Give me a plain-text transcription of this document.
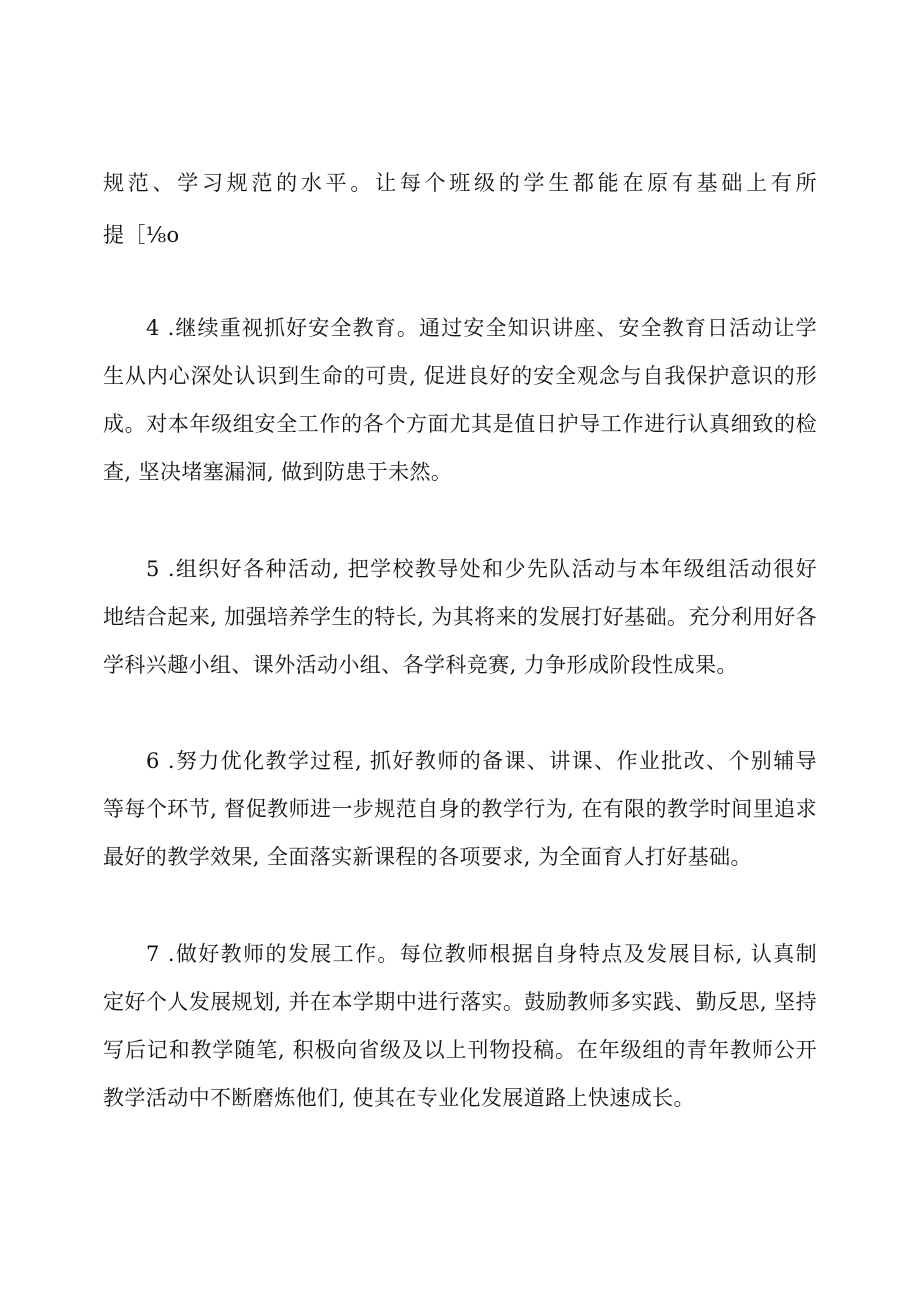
规范、学习规范的水平。让每个班级的学生都能在原有基础上有所
提［⅛o
4 .继续重视抓好安全教育。通过安全知识讲座、安全教育日活动让学
生从内心深处认识到生命的可贵, 促进良好的安全观念与自我保护意识的形
成。对本年级组安全工作的各个方面尤其是值日护导工作进行认真细致的检
查, 坚决堵塞漏洞, 做到防患于未然。
5 .组织好各种活动, 把学校教导处和少先队活动与本年级组活动很好
地结合起来, 加强培养学生的特长, 为其将来的发展打好基础。充分利用好各
学科兴趣小组、课外活动小组、各学科竞赛, 力争形成阶段性成果。
6 .努力优化教学过程, 抓好教师的备课、讲课、作业批改、个别辅导
等每个环节, 督促教师进一步规范自身的教学行为, 在有限的教学时间里追求
最好的教学效果, 全面落实新课程的各项要求, 为全面育人打好基础。
7 .做好教师的发展工作。每位教师根据自身特点及发展目标, 认真制
定好个人发展规划, 并在本学期中进行落实。鼓励教师多实践、勤反思, 坚持
写后记和教学随笔, 积极向省级及以上刊物投稿。在年级组的青年教师公开
教学活动中不断磨炼他们, 使其在专业化发展道路上快速成长。
